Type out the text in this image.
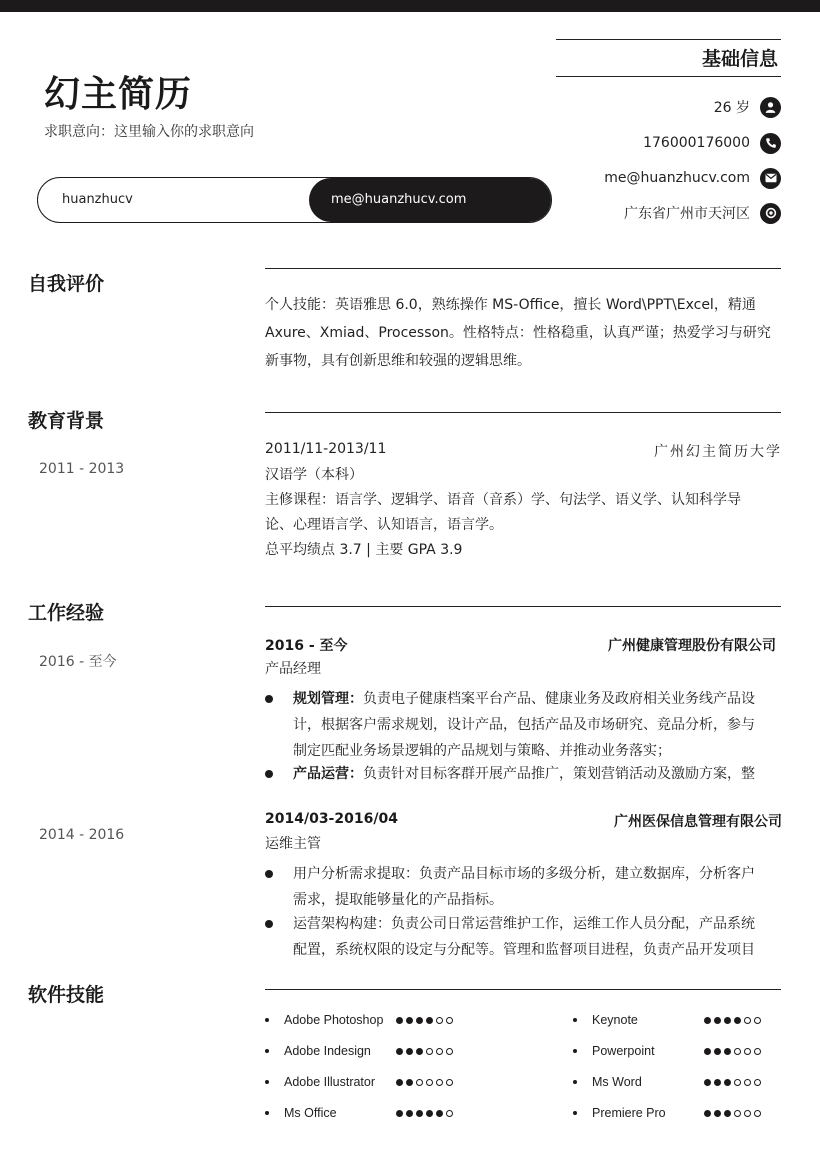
幻主简历
求职意向：这里输入你的求职意向
huanzhucv	me@huanzhucv.com
基础信息
26 岁
176000176000
me@huanzhucv.com
广东省广州市天河区
自我评价
个人技能：英语雅思 6.0，熟练操作 MS-Office，擅长 Word\PPT\Excel，精通
Axure、Xmiad、Processon。性格特点：性格稳重，认真严谨；热爱学习与研究
新事物，具有创新思维和较强的逻辑思维。
教育背景
2011 - 2013
2011/11-2013/11	广州幻主简历大学
汉语学（本科）
主修课程：语言学、逻辑学、语音（音系）学、句法学、语义学、认知科学导
论、心理语言学、认知语言，语言学。
总平均绩点 3.7 | 主要 GPA 3.9
工作经验
2016 - 至今
2016 - 至今	广州健康管理股份有限公司
产品经理
规划管理：负责电子健康档案平台产品、健康业务及政府相关业务线产品设
计，根据客户需求规划，设计产品，包括产品及市场研究、竞品分析，参与
制定匹配业务场景逻辑的产品规划与策略、并推动业务落实；
产品运营：负责针对目标客群开展产品推广，策划营销活动及激励方案，整
2014 - 2016
2014/03-2016/04	广州医保信息管理有限公司
运维主管
用户分析需求提取：负责产品目标市场的多级分析，建立数据库，分析客户
需求，提取能够量化的产品指标。
运营架构构建：负责公司日常运营维护工作，运维工作人员分配，产品系统
配置，系统权限的设定与分配等。管理和监督项目进程，负责产品开发项目
软件技能
Adobe Photoshop
Adobe Indesign
Adobe Illustrator
Ms Office
Keynote
Powerpoint
Ms Word
Premiere Pro
